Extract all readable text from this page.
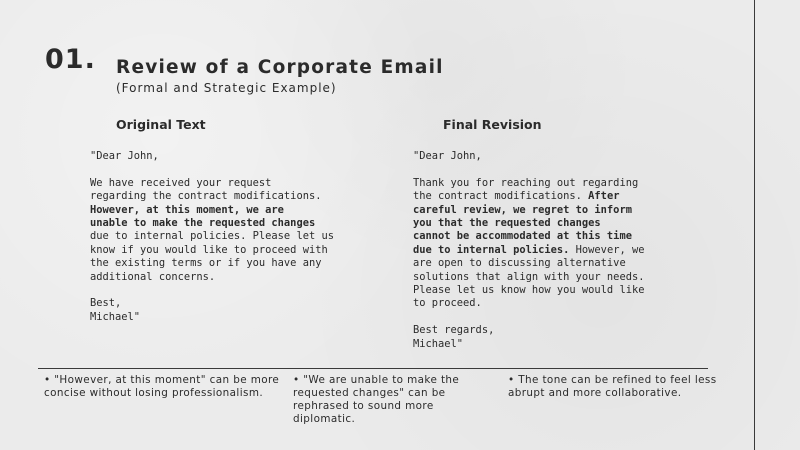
01. Review of a Corporate Email
(Formal and Strategic Example)
Original Text	Final Revision

"Dear John,

We have received your request

regarding the contract modifications.

However, at this moment, we are

unable to make the requested changes

due to internal policies. Please let us

know if you would like to proceed with

the existing terms or if you have any

additional concerns.

Best,

Michael"

"Dear John,

Thank you for reaching out regarding

the contract modifications. After

careful review, we regret to inform

you that the requested changes

cannot be accommodated at this time

due to internal policies. However, we

are open to discussing alternative

solutions that align with your needs.

Please let us know how you would like

to proceed.

Best regards,

Michael"

• "However, at this moment" can be more concise without losing professionalism.
• "We are unable to make the requested changes" can be rephrased to sound more diplomatic.
• The tone can be refined to feel less abrupt and more collaborative.
